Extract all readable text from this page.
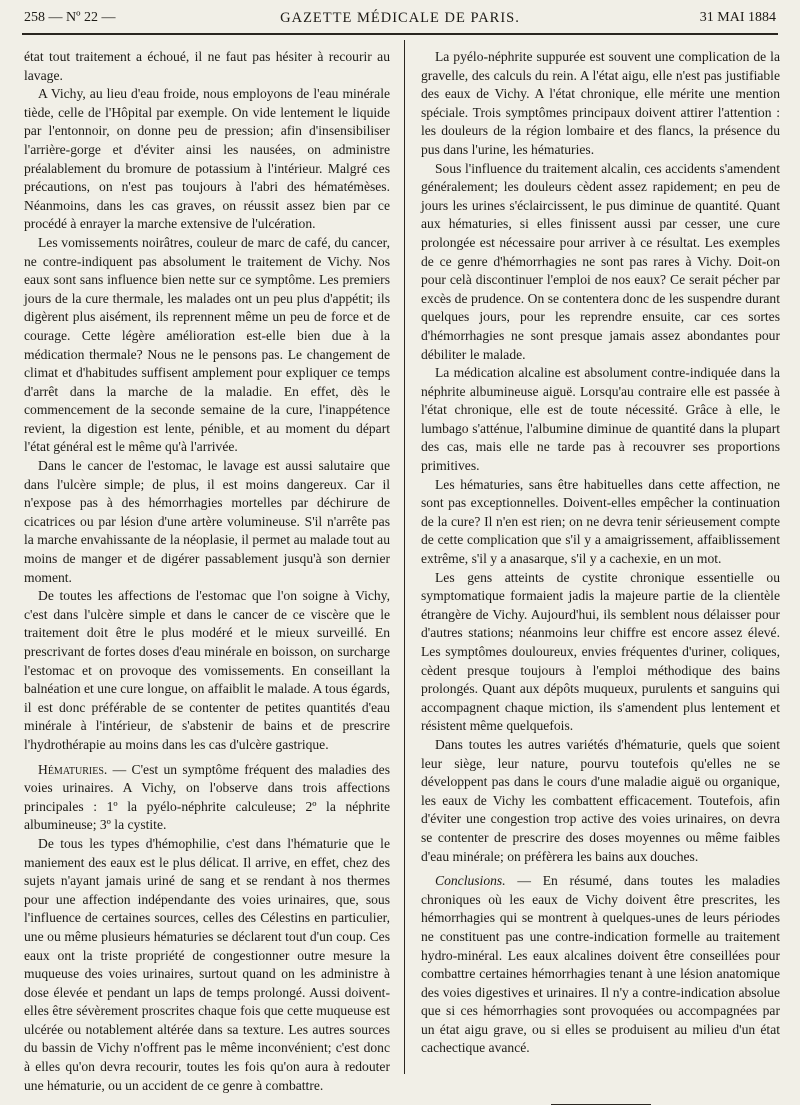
258 — Nº 22 —	GAZETTE MÉDICALE DE PARIS.	31 MAI 1884

état tout traitement a échoué, il ne faut pas hésiter à recourir au lavage.

A Vichy, au lieu d'eau froide, nous employons de l'eau minérale tiède, celle de l'Hôpital par exemple. On vide lentement le liquide par l'entonnoir, on donne peu de pression; afin d'insensibiliser l'arrière-gorge et d'éviter ainsi les nausées, on administre préalablement du bromure de potassium à l'intérieur. Malgré ces précautions, on n'est pas toujours à l'abri des hématémèses. Néanmoins, dans les cas graves, on réussit assez bien par ce procédé à enrayer la marche extensive de l'ulcération.

Les vomissements noirâtres, couleur de marc de café, du cancer, ne contre-indiquent pas absolument le traitement de Vichy. Nos eaux sont sans influence bien nette sur ce symptôme. Les premiers jours de la cure thermale, les malades ont un peu plus d'appétit; ils digèrent plus aisément, ils reprennent même un peu de force et de courage. Cette légère amélioration est-elle bien due à la médication thermale? Nous ne le pensons pas. Le changement de climat et d'habitudes suffisent amplement pour expliquer ce temps d'arrêt dans la marche de la maladie. En effet, dès le commencement de la seconde semaine de la cure, l'inappétence revient, la digestion est lente, pénible, et au moment du départ l'état général est le même qu'à l'arrivée.

Dans le cancer de l'estomac, le lavage est aussi salutaire que dans l'ulcère simple; de plus, il est moins dangereux. Car il n'expose pas à des hémorrhagies mortelles par déchirure de cicatrices ou par lésion d'une artère volumineuse. S'il n'arrête pas la marche envahissante de la néoplasie, il permet au malade tout au moins de manger et de digérer passablement jusqu'à son dernier moment.

De toutes les affections de l'estomac que l'on soigne à Vichy, c'est dans l'ulcère simple et dans le cancer de ce viscère que le traitement doit être le plus modéré et le mieux surveillé. En prescrivant de fortes doses d'eau minérale en boisson, on surcharge l'estomac et on provoque des vomissements. En conseillant la balnéation et une cure longue, on affaiblit le malade. A tous égards, il est donc préférable de se contenter de petites quantités d'eau minérale à l'intérieur, de s'abstenir de bains et de prescrire l'hydrothérapie au moins dans les cas d'ulcère gastrique.

Hématuries. — C'est un symptôme fréquent des maladies des voies urinaires. A Vichy, on l'observe dans trois affections principales : 1º la pyélo-néphrite calculeuse; 2º la néphrite albumineuse; 3º la cystite.

De tous les types d'hémophilie, c'est dans l'hématurie que le maniement des eaux est le plus délicat. Il arrive, en effet, chez des sujets n'ayant jamais uriné de sang et se rendant à nos thermes pour une affection indépendante des voies urinaires, que, sous l'influence de certaines sources, celles des Célestins en particulier, une ou même plusieurs hématuries se déclarent tout d'un coup. Ces eaux ont la triste propriété de congestionner outre mesure la muqueuse des voies urinaires, surtout quand on les administre à dose élevée et pendant un laps de temps prolongé. Aussi doivent-elles être sévèrement proscrites chaque fois que cette muqueuse est ulcérée ou notablement altérée dans sa texture. Les autres sources du bassin de Vichy n'offrent pas le même inconvénient; c'est donc à elles qu'on devra recourir, toutes les fois qu'on aura à redouter une hématurie, ou un accident de ce genre à combattre.

La pyélo-néphrite suppurée est souvent une complication de la gravelle, des calculs du rein. A l'état aigu, elle n'est pas justifiable des eaux de Vichy. A l'état chronique, elle mérite une mention spéciale. Trois symptômes principaux doivent attirer l'attention : les douleurs de la région lombaire et des flancs, la présence du pus dans l'urine, les hématuries.

Sous l'influence du traitement alcalin, ces accidents s'amendent généralement; les douleurs cèdent assez rapidement; en peu de jours les urines s'éclaircissent, le pus diminue de quantité. Quant aux hématuries, si elles finissent aussi par cesser, une cure prolongée est nécessaire pour arriver à ce résultat. Les exemples de ce genre d'hémorrhagies ne sont pas rares à Vichy. Doit-on pour celà discontinuer l'emploi de nos eaux? Ce serait pécher par excès de prudence. On se contentera donc de les suspendre durant quelques jours, pour les reprendre ensuite, car ces sortes d'hémorrhagies ne sont presque jamais assez abondantes pour débiliter le malade.

La médication alcaline est absolument contre-indiquée dans la néphrite albumineuse aiguë. Lorsqu'au contraire elle est passée à l'état chronique, elle est de toute nécessité. Grâce à elle, le lumbago s'atténue, l'albumine diminue de quantité dans la plupart des cas, mais elle ne tarde pas à recouvrer ses proportions primitives.

Les hématuries, sans être habituelles dans cette affection, ne sont pas exceptionnelles. Doivent-elles empêcher la continuation de la cure? Il n'en est rien; on ne devra tenir sérieusement compte de cette complication que s'il y a amaigrissement, affaiblissement extrême, s'il y a anasarque, s'il y a cachexie, en un mot.

Les gens atteints de cystite chronique essentielle ou symptomatique formaient jadis la majeure partie de la clientèle étrangère de Vichy. Aujourd'hui, ils semblent nous délaisser pour d'autres stations; néanmoins leur chiffre est encore assez élevé. Les symptômes douloureux, envies fréquentes d'uriner, coliques, cèdent presque toujours à l'emploi méthodique des bains prolongés. Quant aux dépôts muqueux, purulents et sanguins qui accompagnent chaque miction, ils s'amendent plus lentement et résistent même quelquefois.

Dans toutes les autres variétés d'hématurie, quels que soient leur siège, leur nature, pourvu toutefois qu'elles ne se développent pas dans le cours d'une maladie aiguë ou organique, les eaux de Vichy les combattent efficacement. Toutefois, afin d'éviter une congestion trop active des voies urinaires, on devra se contenter de prescrire des doses moyennes ou même faibles d'eau minérale; on préfèrera les bains aux douches.

Conclusions. — En résumé, dans toutes les maladies chroniques où les eaux de Vichy doivent être prescrites, les hémorrhagies qui se montrent à quelques-unes de leurs périodes ne constituent pas une contre-indication formelle au traitement hydro-minéral. Les eaux alcalines doivent être conseillées pour combattre certaines hémorrhagies tenant à une lésion anatomique des voies digestives et urinaires. Il n'y a contre-indication absolue que si ces hémorrhagies sont provoquées ou accompagnées par un état aigu grave, ou si elles se produisent au milieu d'un état cachectique avancé.
